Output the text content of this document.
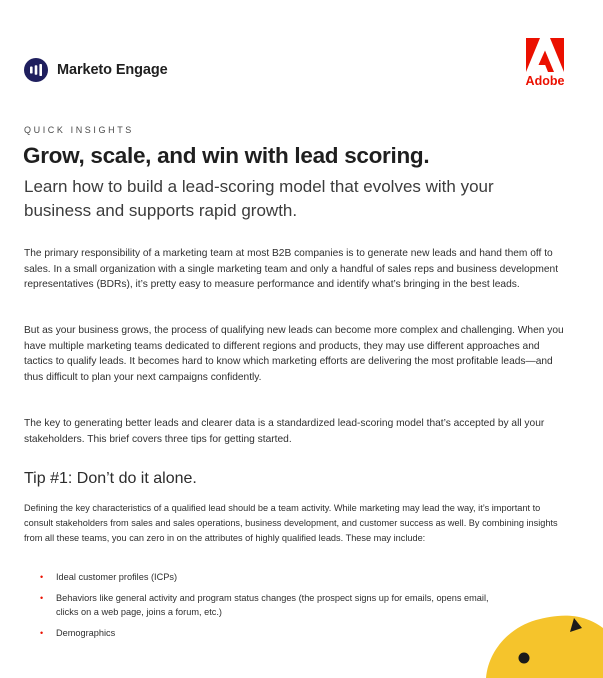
Marketo Engage
Adobe
QUICK INSIGHTS
Grow, scale, and win with lead scoring.
Learn how to build a lead-scoring model that evolves with your business and supports rapid growth.

The primary responsibility of a marketing team at most B2B companies is to generate new leads and hand them off to sales. In a small organization with a single marketing team and only a handful of sales reps and business development representatives (BDRs), it’s pretty easy to measure performance and identify what’s bringing in the best leads.

But as your business grows, the process of qualifying new leads can become more complex and challenging. When you have multiple marketing teams dedicated to different regions and products, they may use different approaches and tactics to qualify leads. It becomes hard to know which marketing efforts are delivering the most profitable leads—and thus difficult to plan your next campaigns confidently.

The key to generating better leads and clearer data is a standardized lead-scoring model that’s accepted by all your stakeholders. This brief covers three tips for getting started.

Tip #1: Don’t do it alone.

Defining the key characteristics of a qualified lead should be a team activity. While marketing may lead the way, it’s important to consult stakeholders from sales and sales operations, business development, and customer success as well. By combining insights from all these teams, you can zero in on the attributes of highly qualified leads. These may include:

• Ideal customer profiles (ICPs)
• Behaviors like general activity and program status changes (the prospect signs up for emails, opens email, clicks on a web page, joins a forum, etc.)
• Demographics
